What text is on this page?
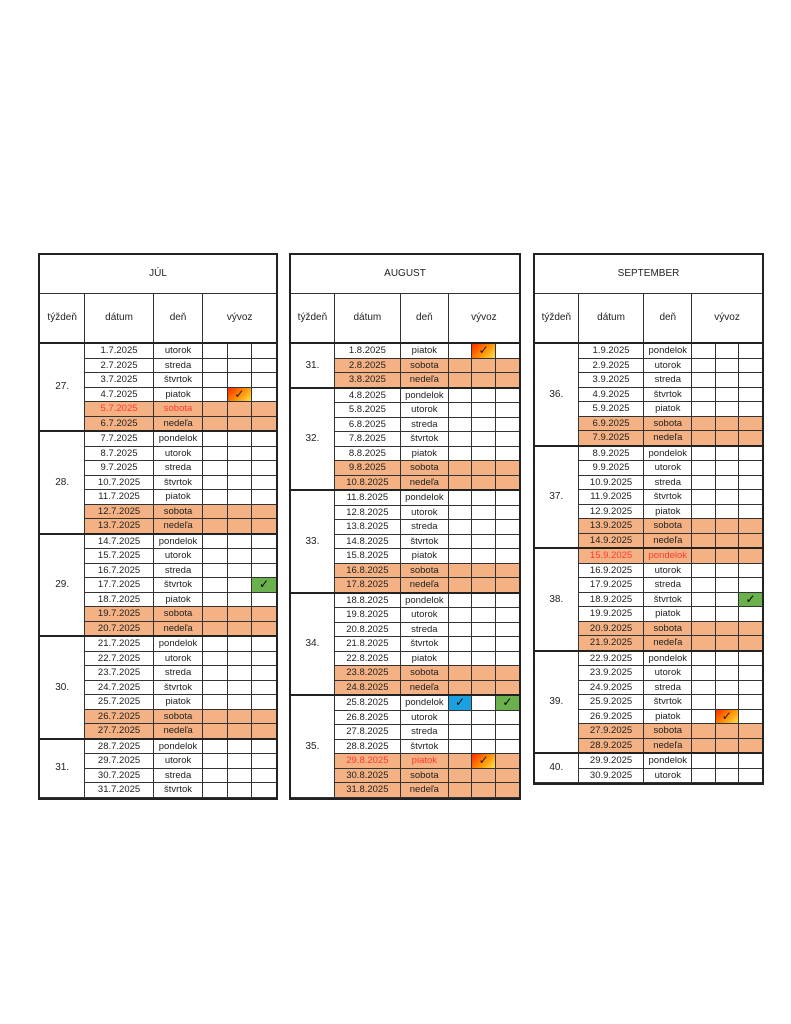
JÚL					
týždeň	dátum	deň	vývoz		
27.	1.7.2025	utorok			
	2.7.2025	streda			
	3.7.2025	štvrtok			
	4.7.2025	piatok		✓	

	5.7.2025	sobota			
	6.7.2025	nedeľa			
28.	7.7.2025	pondelok			
	8.7.2025	utorok			
	9.7.2025	streda			
	10.7.2025	štvrtok			
	11.7.2025	piatok			
	12.7.2025	sobota			
	13.7.2025	nedeľa			
29.	14.7.2025	pondelok			
	15.7.2025	utorok			
	16.7.2025	streda			
	17.7.2025	štvrtok			✓

	18.7.2025	piatok			
	19.7.2025	sobota			
	20.7.2025	nedeľa			
30.	21.7.2025	pondelok			
	22.7.2025	utorok			
	23.7.2025	streda			
	24.7.2025	štvrtok			
	25.7.2025	piatok			
	26.7.2025	sobota			
	27.7.2025	nedeľa			
31.	28.7.2025	pondelok			
	29.7.2025	utorok			
	30.7.2025	streda			
	31.7.2025	štvrtok			
AUGUST					
týždeň	dátum	deň	vývoz		
31.	1.8.2025	piatok		✓	

	2.8.2025	sobota			
	3.8.2025	nedeľa			
32.	4.8.2025	pondelok			
	5.8.2025	utorok			
	6.8.2025	streda			
	7.8.2025	štvrtok			
	8.8.2025	piatok			
	9.8.2025	sobota			
	10.8.2025	nedeľa			
33.	11.8.2025	pondelok			
	12.8.2025	utorok			
	13.8.2025	streda			
	14.8.2025	štvrtok			
	15.8.2025	piatok			
	16.8.2025	sobota			
	17.8.2025	nedeľa			
34.	18.8.2025	pondelok			
	19.8.2025	utorok			
	20.8.2025	streda			
	21.8.2025	štvrtok			
	22.8.2025	piatok			
	23.8.2025	sobota			
	24.8.2025	nedeľa			
35.	25.8.2025	pondelok	✓		✓

	26.8.2025	utorok			
	27.8.2025	streda			
	28.8.2025	štvrtok			
	29.8.2025	piatok		✓	

	30.8.2025	sobota			
	31.8.2025	nedeľa			
SEPTEMBER					
týždeň	dátum	deň	vývoz		
36.	1.9.2025	pondelok			
	2.9.2025	utorok			
	3.9.2025	streda			
	4.9.2025	štvrtok			
	5.9.2025	piatok			
	6.9.2025	sobota			
	7.9.2025	nedeľa			
37.	8.9.2025	pondelok			
	9.9.2025	utorok			
	10.9.2025	streda			
	11.9.2025	štvrtok			
	12.9.2025	piatok			
	13.9.2025	sobota			
	14.9.2025	nedeľa			
38.	15.9.2025	pondelok			
	16.9.2025	utorok			
	17.9.2025	streda			
	18.9.2025	štvrtok			✓

	19.9.2025	piatok			
	20.9.2025	sobota			
	21.9.2025	nedeľa			
39.	22.9.2025	pondelok			
	23.9.2025	utorok			
	24.9.2025	streda			
	25.9.2025	štvrtok			
	26.9.2025	piatok		✓	

	27.9.2025	sobota			
	28.9.2025	nedeľa			
40.	29.9.2025	pondelok			
	30.9.2025	utorok			
